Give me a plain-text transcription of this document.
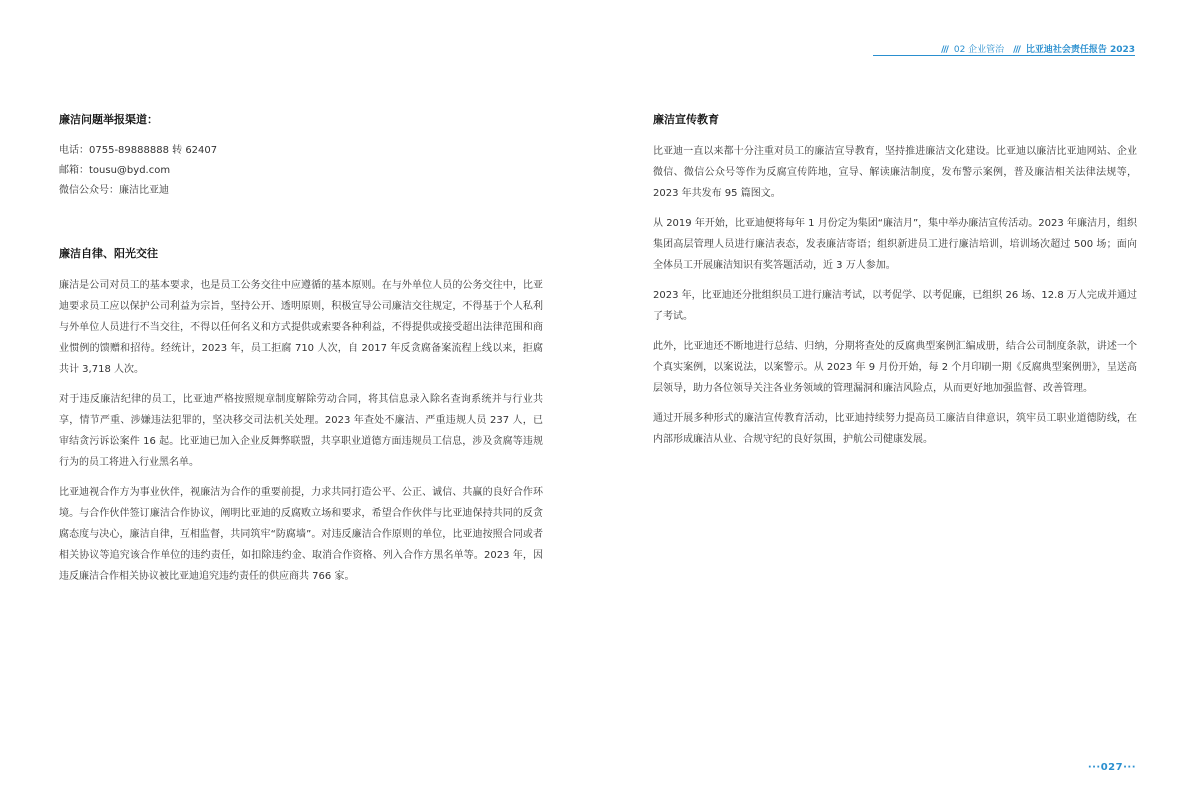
/// 02 企业管治 /// 比亚迪社会责任报告 2023
廉洁问题举报渠道：

电话：0755-89888888 转 62407

邮箱：tousu@byd.com

微信公众号：廉洁比亚迪

廉洁自律、阳光交往

廉洁是公司对员工的基本要求，也是员工公务交往中应遵循的基本原则。在与外单位人员的公务交往中，比亚迪要求员工应以保护公司利益为宗旨，坚持公开、透明原则，积极宣导公司廉洁交往规定，不得基于个人私利与外单位人员进行不当交往，不得以任何名义和方式提供或索要各种利益，不得提供或接受超出法律范围和商业惯例的馈赠和招待。经统计，2023 年，员工拒腐 710 人次，自 2017 年反贪腐备案流程上线以来，拒腐共计 3,718 人次。

对于违反廉洁纪律的员工，比亚迪严格按照规章制度解除劳动合同，将其信息录入除名查询系统并与行业共享，情节严重、涉嫌违法犯罪的，坚决移交司法机关处理。2023 年查处不廉洁、严重违规人员 237 人，已审结贪污诉讼案件 16 起。比亚迪已加入企业反舞弊联盟，共享职业道德方面违规员工信息，涉及贪腐等违规行为的员工将进入行业黑名单。

比亚迪视合作方为事业伙伴，视廉洁为合作的重要前提，力求共同打造公平、公正、诚信、共赢的良好合作环境。与合作伙伴签订廉洁合作协议，阐明比亚迪的反腐败立场和要求，希望合作伙伴与比亚迪保持共同的反贪腐态度与决心，廉洁自律，互相监督，共同筑牢“防腐墙”。对违反廉洁合作原则的单位，比亚迪按照合同或者相关协议等追究该合作单位的违约责任，如扣除违约金、取消合作资格、列入合作方黑名单等。2023 年，因违反廉洁合作相关协议被比亚迪追究违约责任的供应商共 766 家。

廉洁宣传教育

比亚迪一直以来都十分注重对员工的廉洁宣导教育，坚持推进廉洁文化建设。比亚迪以廉洁比亚迪网站、企业微信、微信公众号等作为反腐宣传阵地，宣导、解读廉洁制度，发布警示案例，普及廉洁相关法律法规等，2023 年共发布 95 篇图文。

从 2019 年开始，比亚迪便将每年 1 月份定为集团“廉洁月”，集中举办廉洁宣传活动。2023 年廉洁月，组织集团高层管理人员进行廉洁表态，发表廉洁寄语；组织新进员工进行廉洁培训，培训场次超过 500 场；面向全体员工开展廉洁知识有奖答题活动，近 3 万人参加。

2023 年，比亚迪还分批组织员工进行廉洁考试，以考促学、以考促廉，已组织 26 场、12.8 万人完成并通过了考试。

此外，比亚迪还不断地进行总结、归纳，分期将查处的反腐典型案例汇编成册，结合公司制度条款，讲述一个个真实案例，以案说法，以案警示。从 2023 年 9 月份开始，每 2 个月印刷一期《反腐典型案例册》，呈送高层领导，助力各位领导关注各业务领域的管理漏洞和廉洁风险点，从而更好地加强监督、改善管理。

通过开展多种形式的廉洁宣传教育活动，比亚迪持续努力提高员工廉洁自律意识，筑牢员工职业道德防线，在内部形成廉洁从业、合规守纪的良好氛围，护航公司健康发展。

···027···
